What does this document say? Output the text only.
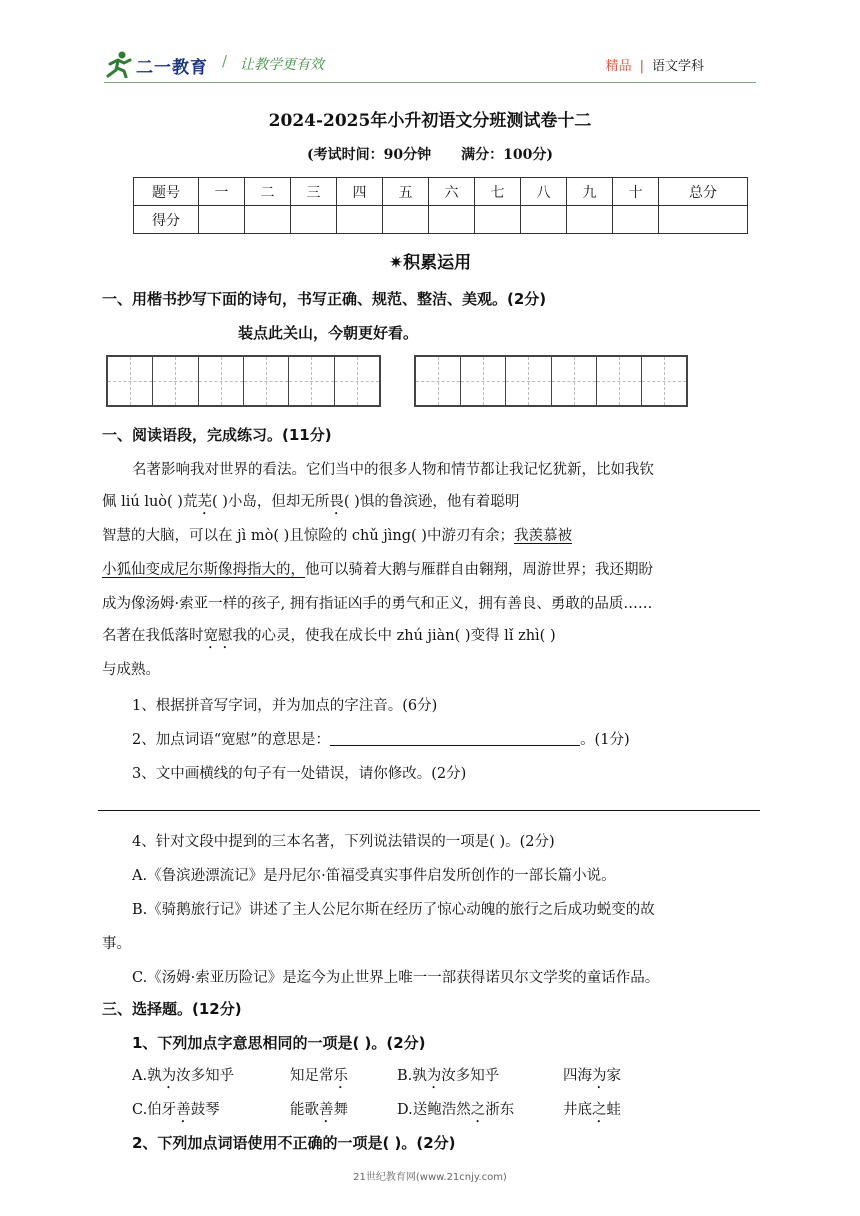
二一教育 / 让教学更有效	精品 | 语文学科
2024-2025年小升初语文分班测试卷十二
(考试时间：90分钟 满分：100分)
题号	一	二	三	四	五	六	七	八	九	十	总分
得分											
✷积累运用
一、用楷书抄写下面的诗句，书写正确、规范、整洁、美观。(2分)
装点此关山，今朝更好看。
一、阅读语段，完成练习。(11分)
名著影响我对世界的看法。它们当中的很多人物和情节都让我记忆犹新，比如我钦
佩 liú luò( )荒芜( )小岛，但却无所畏( )惧的鲁滨逊，他有着聪明
智慧的大脑，可以在 jì mò( )且惊险的 chǔ jìng( )中游刃有余；我羡慕被
小狐仙变成尼尔斯像拇指大的，他可以骑着大鹅与雁群自由翱翔，周游世界；我还期盼
成为像汤姆·索亚一样的孩子, 拥有指证凶手的勇气和正义，拥有善良、勇敢的品质……
名著在我低落时宽慰我的心灵，使我在成长中 zhú jiàn( )变得 lǐ zhì( )
与成熟。
1、根据拼音写字词，并为加点的字注音。(6分)
2、加点词语“宽慰”的意思是：	。(1分)
3、文中画横线的句子有一处错误，请你修改。(2分)
4、针对文段中提到的三本名著，下列说法错误的一项是( )。(2分)
A.《鲁滨逊漂流记》是丹尼尔·笛福受真实事件启发所创作的一部长篇小说。
B.《骑鹅旅行记》讲述了主人公尼尔斯在经历了惊心动魄的旅行之后成功蜕变的故
事。
C.《汤姆·索亚历险记》是迄今为止世界上唯一一部获得诺贝尔文学奖的童话作品。
三、选择题。(12分)
1、下列加点字意思相同的一项是( )。(2分)
A.孰为汝多知乎	知足常乐	B.孰为汝多知乎	四海为家
C.伯牙善鼓琴	能歌善舞	D.送鲍浩然之浙东	井底之蛙
2、下列加点词语使用不正确的一项是( )。(2分)
21世纪教育网(www.21cnjy.com)
